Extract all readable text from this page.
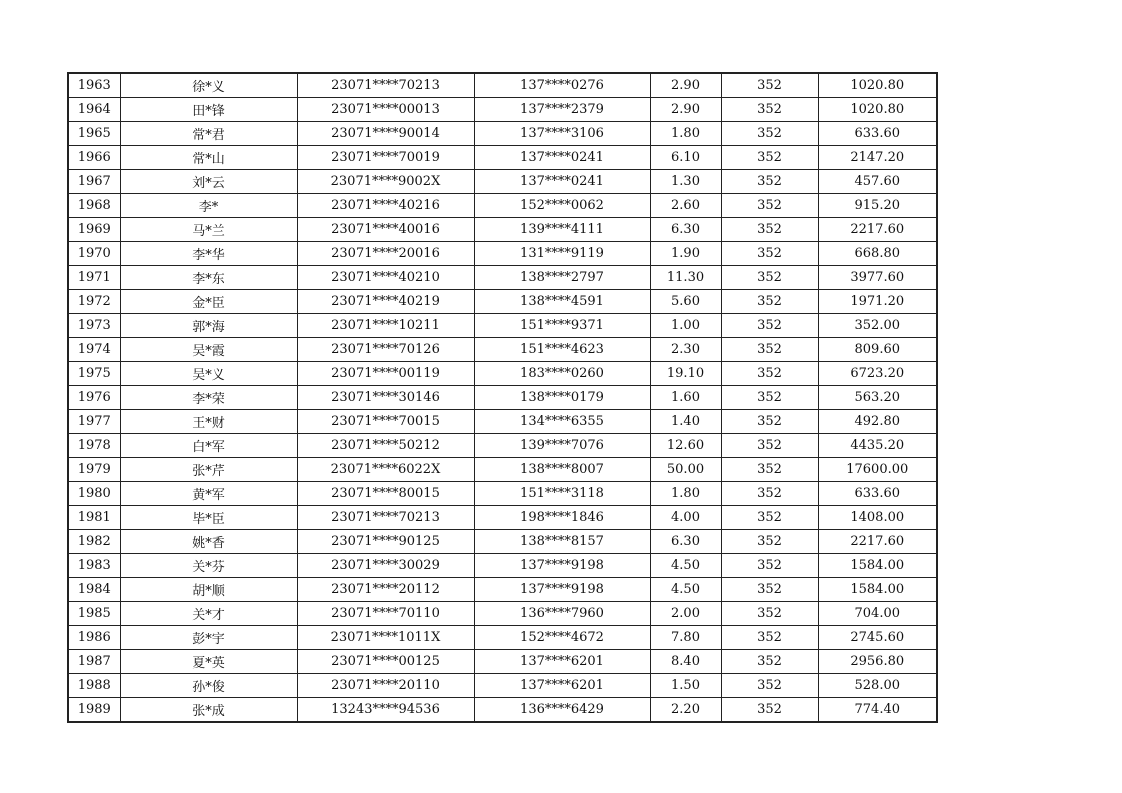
1963	徐*义	23071****70213	137****0276	2.90	352	1020.80
1964	田*锋	23071****00013	137****2379	2.90	352	1020.80
1965	常*君	23071****90014	137****3106	1.80	352	633.60
1966	常*山	23071****70019	137****0241	6.10	352	2147.20
1967	刘*云	23071****9002X	137****0241	1.30	352	457.60
1968	李*	23071****40216	152****0062	2.60	352	915.20
1969	马*兰	23071****40016	139****4111	6.30	352	2217.60
1970	李*华	23071****20016	131****9119	1.90	352	668.80
1971	李*东	23071****40210	138****2797	11.30	352	3977.60
1972	金*臣	23071****40219	138****4591	5.60	352	1971.20
1973	郭*海	23071****10211	151****9371	1.00	352	352.00
1974	吴*霞	23071****70126	151****4623	2.30	352	809.60
1975	吴*义	23071****00119	183****0260	19.10	352	6723.20
1976	李*荣	23071****30146	138****0179	1.60	352	563.20
1977	王*财	23071****70015	134****6355	1.40	352	492.80
1978	白*军	23071****50212	139****7076	12.60	352	4435.20
1979	张*芹	23071****6022X	138****8007	50.00	352	17600.00
1980	黄*军	23071****80015	151****3118	1.80	352	633.60
1981	毕*臣	23071****70213	198****1846	4.00	352	1408.00
1982	姚*香	23071****90125	138****8157	6.30	352	2217.60
1983	关*芬	23071****30029	137****9198	4.50	352	1584.00
1984	胡*顺	23071****20112	137****9198	4.50	352	1584.00
1985	关*才	23071****70110	136****7960	2.00	352	704.00
1986	彭*宇	23071****1011X	152****4672	7.80	352	2745.60
1987	夏*英	23071****00125	137****6201	8.40	352	2956.80
1988	孙*俊	23071****20110	137****6201	1.50	352	528.00
1989	张*成	13243****94536	136****6429	2.20	352	774.40
